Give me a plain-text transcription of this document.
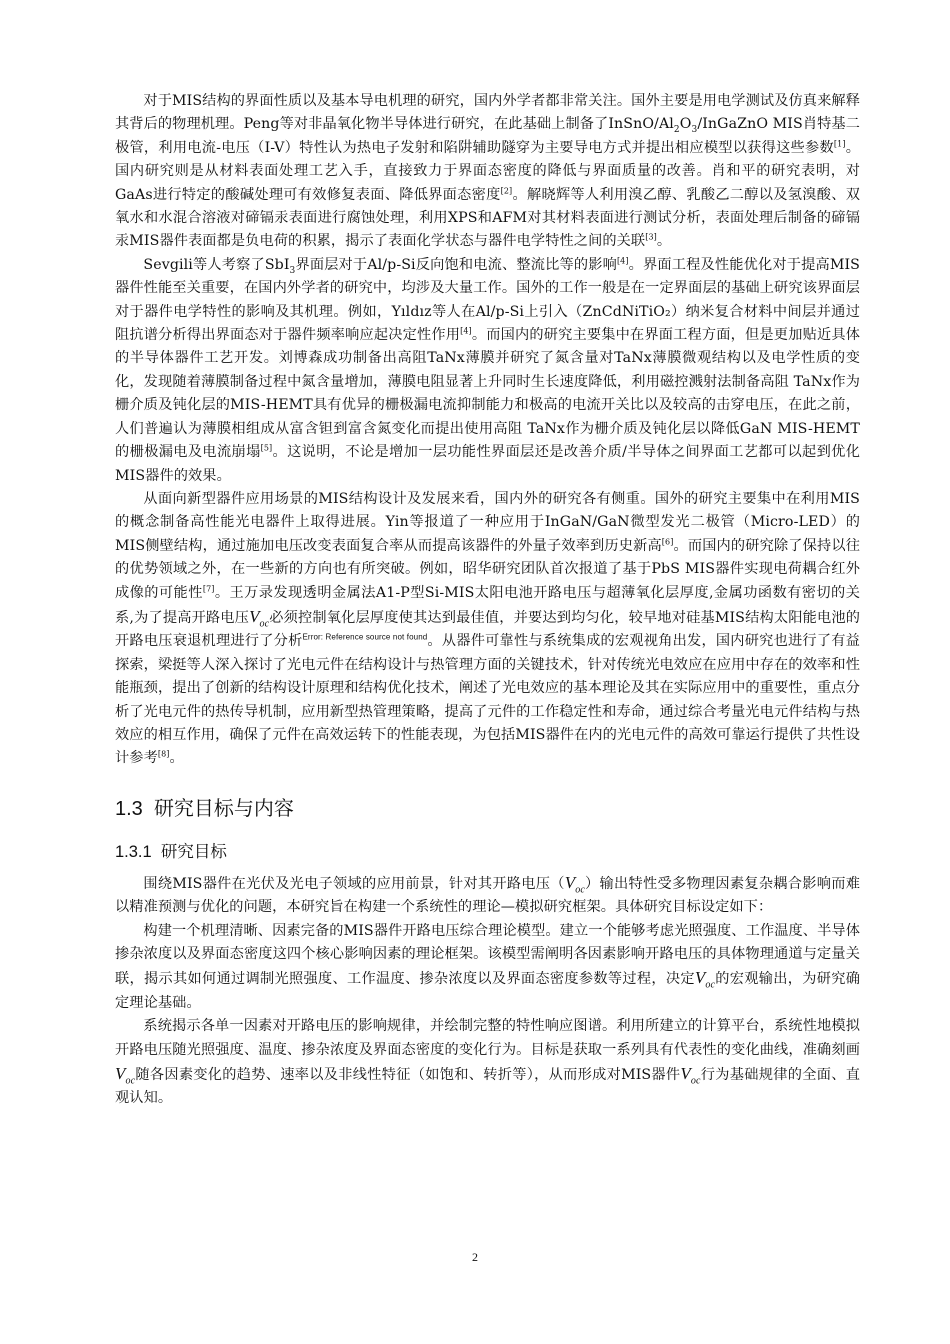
对于MIS结构的界面性质以及基本导电机理的研究，国内外学者都非常关注。国外主要是用电学测试及仿真来解释其背后的物理机理。Peng等对非晶氧化物半导体进行研究，在此基础上制备了InSnO/$Al_2O_3$/InGaZnO MIS肖特基二极管，利用电流-电压（I-V）特性认为热电子发射和陷阱辅助隧穿为主要导电方式并提出相应模型以获得这些参数[1]。国内研究则是从材料表面处理工艺入手，直接致力于界面态密度的降低与界面质量的改善。肖和平的研究表明，对GaAs进行特定的酸碱处理可有效修复表面、降低界面态密度[2]。解晓辉等人利用溴乙醇、乳酸乙二醇以及氢溴酸、双氧水和水混合溶液对碲镉汞表面进行腐蚀处理，利用XPS和AFM对其材料表面进行测试分析，表面处理后制备的碲镉汞MIS器件表面都是负电荷的积累，揭示了表面化学状态与器件电学特性之间的关联[3]。

Sevgili等人考察了SbI$_3$界面层对于Al/p-Si反向饱和电流、整流比等的影响[4]。界面工程及性能优化对于提高MIS器件性能至关重要，在国内外学者的研究中，均涉及大量工作。国外的工作一般是在一定界面层的基础上研究该界面层对于器件电学特性的影响及其机理。例如，Yıldız等人在Al/p-Si上引入（ZnCdNiTiO₂）纳米复合材料中间层并通过阻抗谱分析得出界面态对于器件频率响应起决定性作用[4]。而国内的研究主要集中在界面工程方面，但是更加贴近具体的半导体器件工艺开发。刘博森成功制备出高阻TaNx薄膜并研究了氮含量对TaNx薄膜微观结构以及电学性质的变化，发现随着薄膜制备过程中氮含量增加，薄膜电阻显著上升同时生长速度降低，利用磁控溅射法制备高阻 TaNx作为栅介质及钝化层的MIS-HEMT具有优异的栅极漏电流抑制能力和极高的电流开关比以及较高的击穿电压，在此之前，人们普遍认为薄膜相组成从富含钽到富含氮变化而提出使用高阻 TaNx作为栅介质及钝化层以降低GaN MIS-HEMT的栅极漏电及电流崩塌[5]。这说明，不论是增加一层功能性界面层还是改善介质/半导体之间界面工艺都可以起到优化MIS器件的效果。

从面向新型器件应用场景的MIS结构设计及发展来看，国内外的研究各有侧重。国外的研究主要集中在利用MIS的概念制备高性能光电器件上取得进展。Yin等报道了一种应用于InGaN/GaN微型发光二极管（Micro-LED）的MIS侧壁结构，通过施加电压改变表面复合率从而提高该器件的外量子效率到历史新高[6]。而国内的研究除了保持以往的优势领域之外，在一些新的方向也有所突破。例如，昭华研究团队首次报道了基于PbS MIS器件实现电荷耦合红外成像的可能性[7]。王万录发现透明金属法A1-P型Si-MIS太阳电池开路电压与超薄氧化层厚度,金属功函数有密切的关系,为了提高开路电压$V_{oc}$必须控制氧化层厚度使其达到最佳值，并要达到均匀化，较早地对硅基MIS结构太阳能电池的开路电压衰退机理进行了分析$^{Error: Reference source not found}$。从器件可靠性与系统集成的宏观视角出发，国内研究也进行了有益探索，梁挺等人深入探讨了光电元件在结构设计与热管理方面的关键技术，针对传统光电效应在应用中存在的效率和性能瓶颈，提出了创新的结构设计原理和结构优化技术，阐述了光电效应的基本理论及其在实际应用中的重要性，重点分析了光电元件的热传导机制，应用新型热管理策略，提高了元件的工作稳定性和寿命，通过综合考量光电元件结构与热效应的相互作用，确保了元件在高效运转下的性能表现，为包括MIS器件在内的光电元件的高效可靠运行提供了共性设计参考[8]。

1.3 研究目标与内容
1.3.1 研究目标

围绕MIS器件在光伏及光电子领域的应用前景，针对其开路电压$(V_{oc})$输出特性受多物理因素复杂耦合影响而难以精准预测与优化的问题，本研究旨在构建一个系统性的理论—模拟研究框架。具体研究目标设定如下：

构建一个机理清晰、因素完备的MIS器件开路电压综合理论模型。建立一个能够考虑光照强度、工作温度、半导体掺杂浓度以及界面态密度这四个核心影响因素的理论框架。该模型需阐明各因素影响开路电压的具体物理通道与定量关联，揭示其如何通过调制光照强度、工作温度、掺杂浓度以及界面态密度参数等过程，决定$V_{oc}$的宏观输出，为研究确定理论基础。

系统揭示各单一因素对开路电压的影响规律，并绘制完整的特性响应图谱。利用所建立的计算平台，系统性地模拟开路电压随光照强度、温度、掺杂浓度及界面态密度的变化行为。目标是获取一系列具有代表性的变化曲线，准确刻画$V_{oc}$随各因素变化的趋势、速率以及非线性特征（如饱和、转折等），从而形成对MIS器件$V_{oc}$行为基础规律的全面、直观认知。

2
